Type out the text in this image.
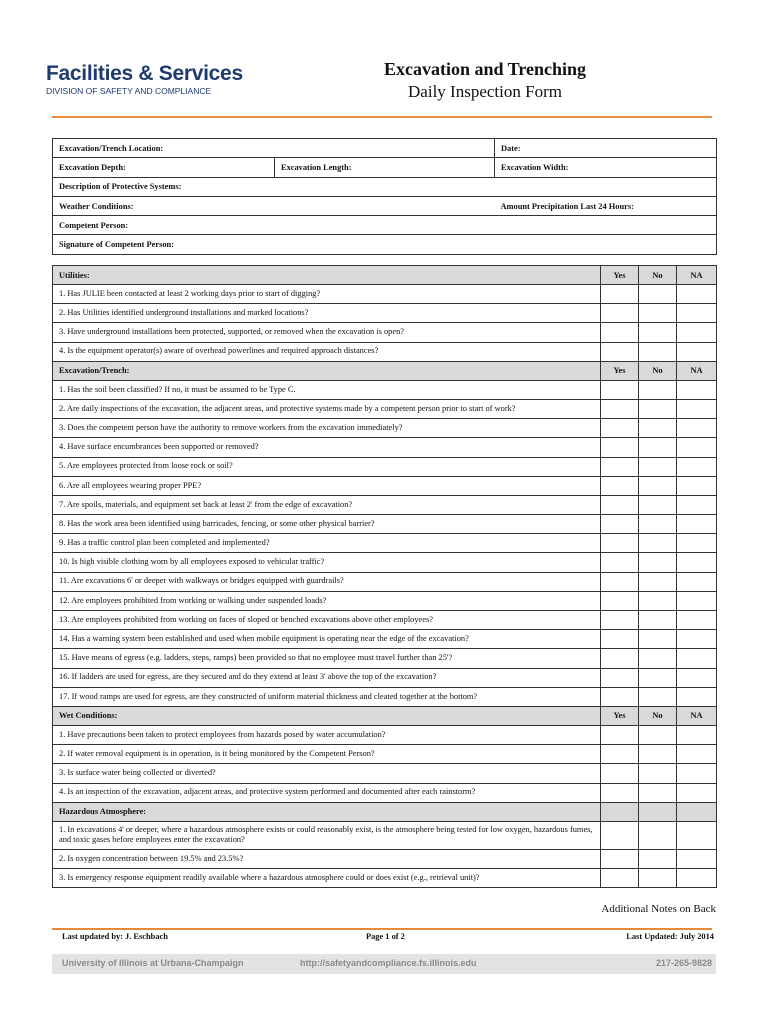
Facilities & Services
DIVISION OF SAFETY AND COMPLIANCE
Excavation and Trenching
Daily Inspection Form
Excavation/Trench Location:		Date:
Excavation Depth:	Excavation Length:	Excavation Width:
Description of Protective Systems:		
Weather Conditions:		Amount Precipitation Last 24 Hours:
Competent Person:		
Signature of Competent Person:		
Utilities:	Yes	No	NA
1. Has JULIE been contacted at least 2 working days prior to start of digging?			
2. Has Utilities identified underground installations and marked locations?			
3. Have underground installations been protected, supported, or removed when the excavation is open?			
4. Is the equipment operator(s) aware of overhead powerlines and required approach distances?			
Excavation/Trench:	Yes	No	NA
1. Has the soil been classified? If no, it must be assumed to be Type C.			
2. Are daily inspections of the excavation, the adjacent areas, and protective systems made by a competent person prior to start of work?			
3. Does the competent person have the authority to remove workers from the excavation immediately?			
4. Have surface encumbrances been supported or removed?			
5. Are employees protected from loose rock or soil?			
6. Are all employees wearing proper PPE?			
7. Are spoils, materials, and equipment set back at least 2' from the edge of excavation?			
8. Has the work area been identified using barricades, fencing, or some other physical barrier?			
9. Has a traffic control plan been completed and implemented?			
10. Is high visible clothing worn by all employees exposed to vehicular traffic?			
11. Are excavations 6' or deeper with walkways or bridges equipped with guardrails?			
12. Are employees prohibited from working or walking under suspended loads?			
13. Are employees prohibited from working on faces of sloped or benched excavations above other employees?			
14. Has a warning system been established and used when mobile equipment is operating near the edge of the excavation?			
15. Have means of egress (e.g. ladders, steps, ramps) been provided so that no employee must travel further than 25'?			
16. If ladders are used for egress, are they secured and do they extend at least 3' above the top of the excavation?			
17. If wood ramps are used for egress, are they constructed of uniform material thickness and cleated together at the bottom?			
Wet Conditions:	Yes	No	NA
1. Have precautions been taken to protect employees from hazards posed by water accumulation?			
2. If water removal equipment is in operation, is it being monitored by the Competent Person?			
3. Is surface water being collected or diverted?			
4. Is an inspection of the excavation, adjacent areas, and protective system performed and documented after each rainstorm?			
Hazardous Atmosphere:			
1. In excavations 4' or deeper, where a hazardous atmosphere exists or could reasonably exist, is the atmosphere being tested for low oxygen, hazardous fumes, and toxic gases before employees enter the excavation?			
2. Is oxygen concentration between 19.5% and 23.5%?			
3. Is emergency response equipment readily available where a hazardous atmosphere could or does exist (e.g., retrieval unit)?			
Additional Notes on Back
Last updated by: J. Eschbach	Page 1 of 2	Last Updated: July 2014
University of Illinois at Urbana-Champaign	http://safetyandcompliance.fs.illinois.edu	217-265-9828
